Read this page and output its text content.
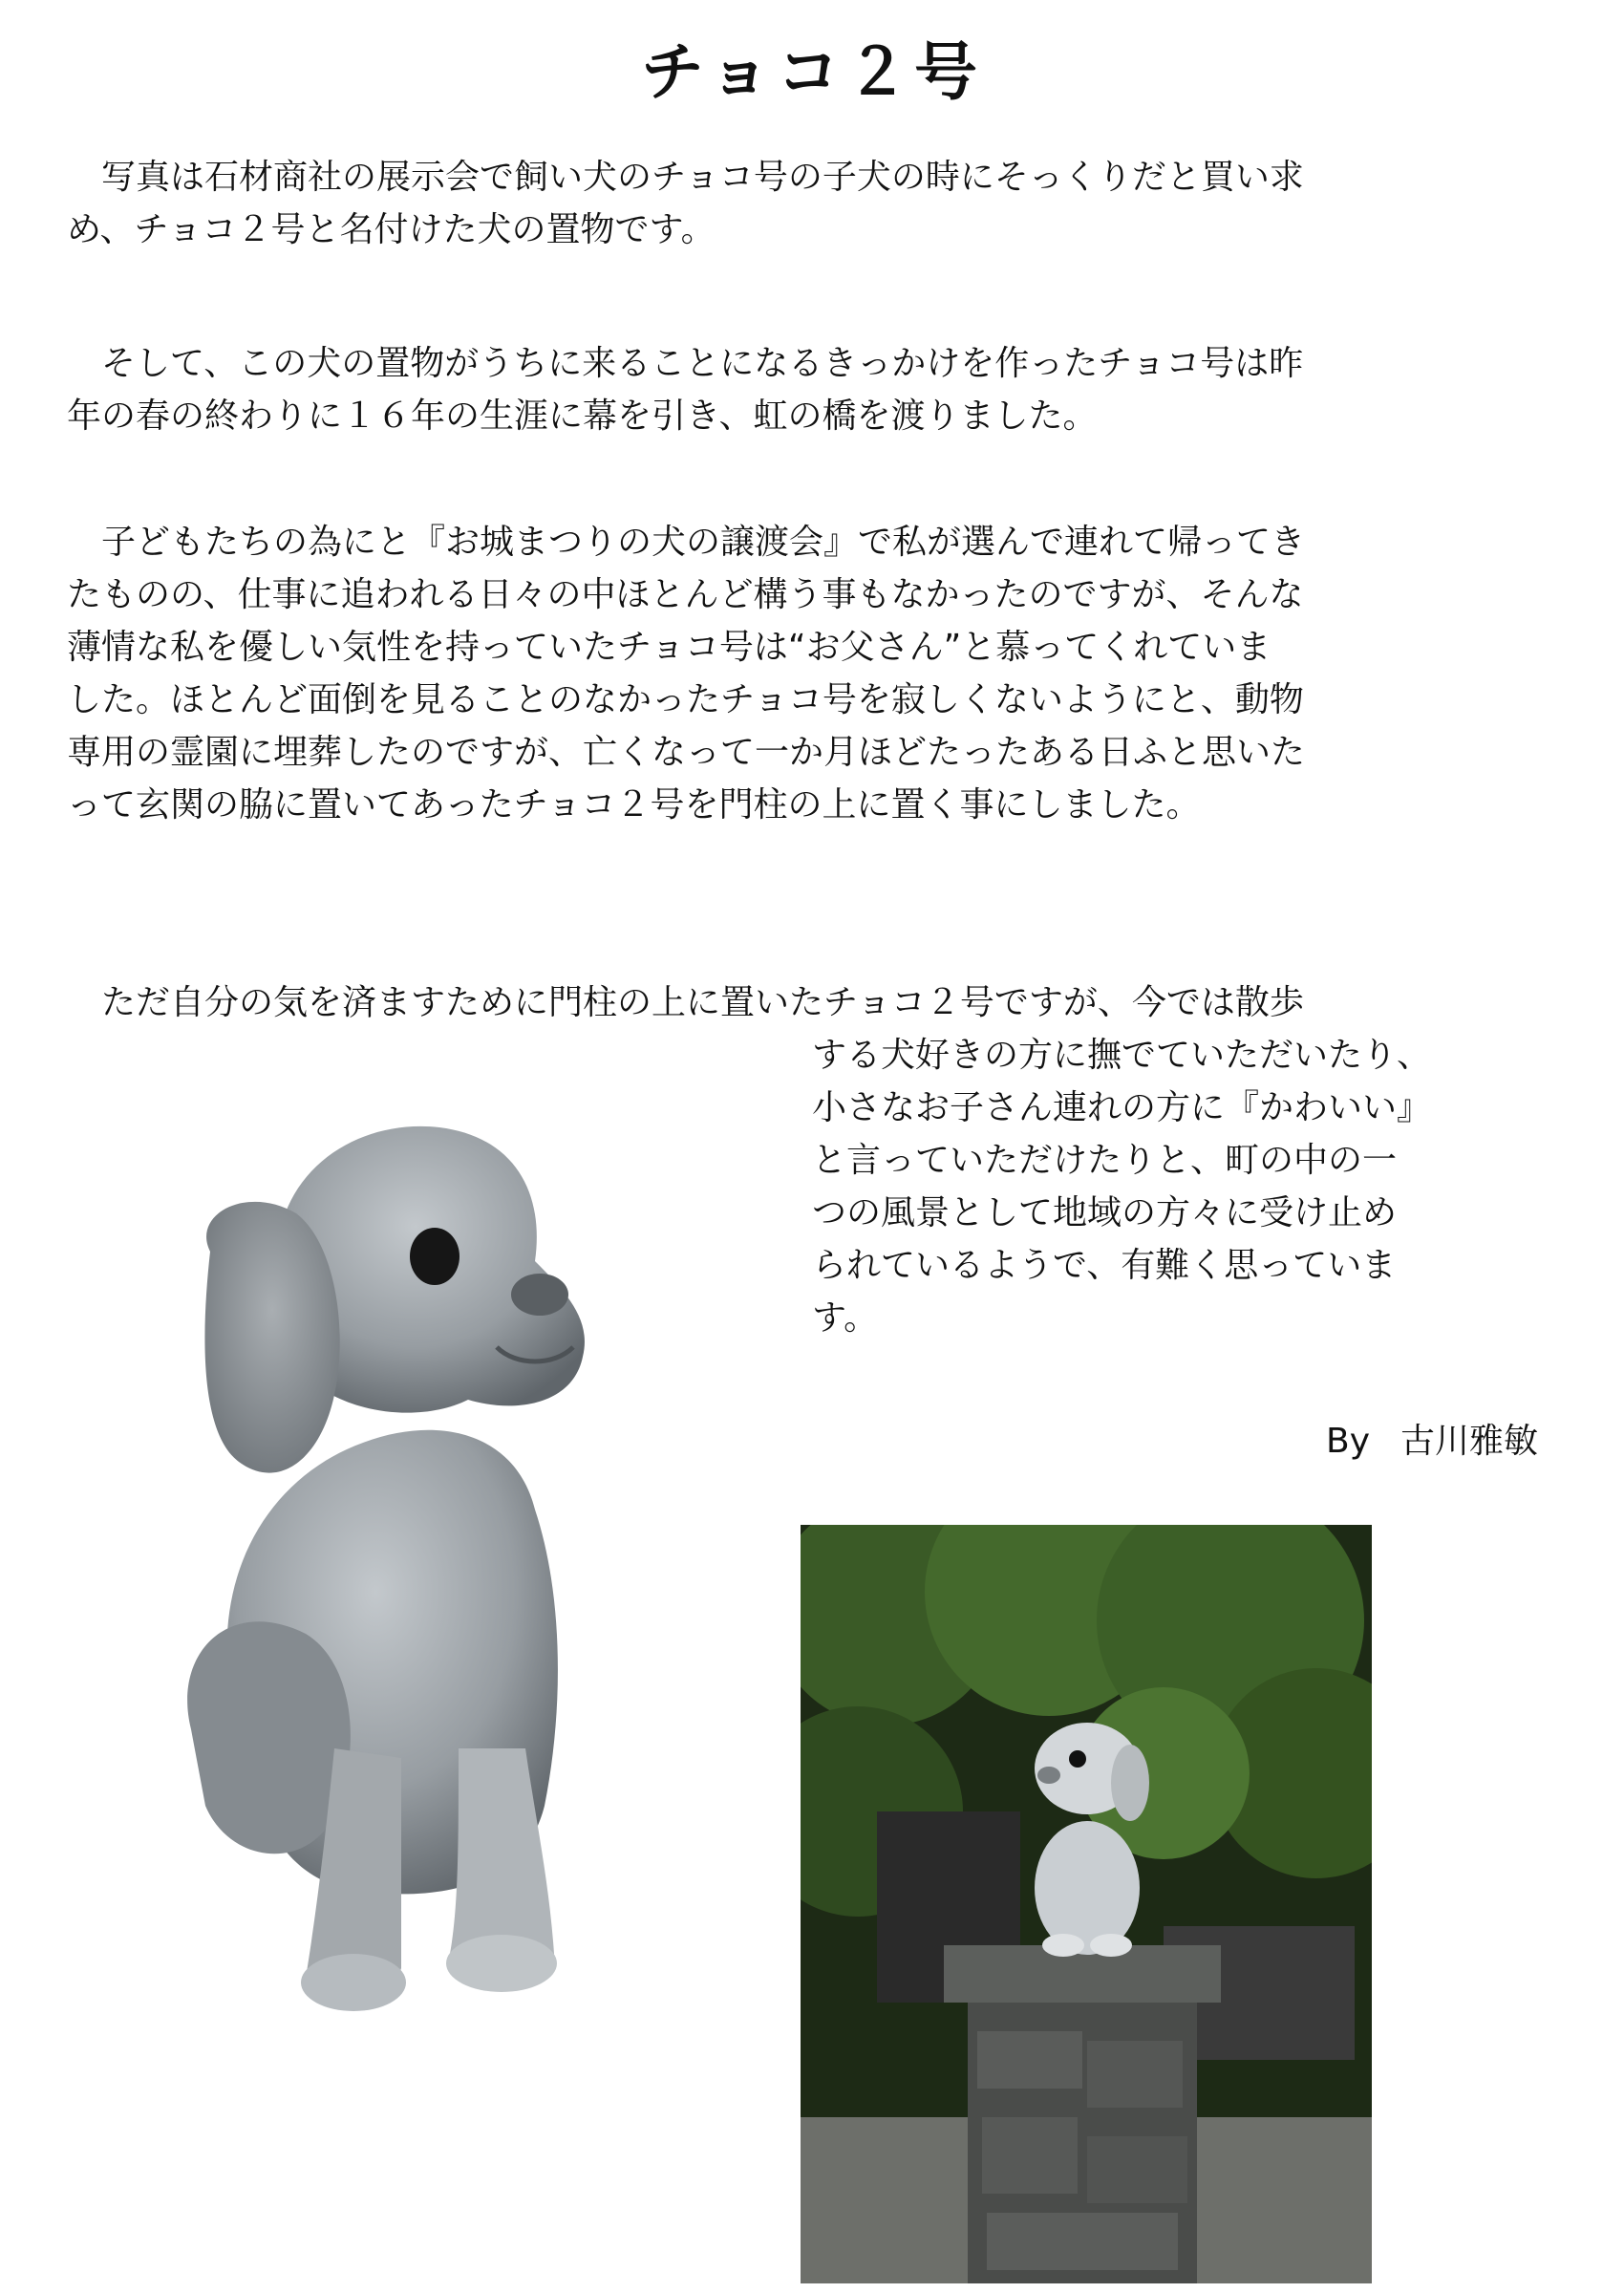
チョコ２号

写真は石材商社の展示会で飼い犬のチョコ号の子犬の時にそっくりだと買い求
め、チョコ２号と名付けた犬の置物です。

そして、この犬の置物がうちに来ることになるきっかけを作ったチョコ号は昨
年の春の終わりに１６年の生涯に幕を引き、虹の橋を渡りました。

子どもたちの為にと『お城まつりの犬の譲渡会』で私が選んで連れて帰ってき
たものの、仕事に追われる日々の中ほとんど構う事もなかったのですが、そんな
薄情な私を優しい気性を持っていたチョコ号は“お父さん”と慕ってくれていま
した。ほとんど面倒を見ることのなかったチョコ号を寂しくないようにと、動物
専用の霊園に埋葬したのですが、亡くなって一か月ほどたったある日ふと思いた
って玄関の脇に置いてあったチョコ２号を門柱の上に置く事にしました。

ただ自分の気を済ますために門柱の上に置いたチョコ２号ですが、今では散歩
する犬好きの方に撫でていただいたり、
小さなお子さん連れの方に『かわいい』
と言っていただけたりと、町の中の一
つの風景として地域の方々に受け止め
られているようで、有難く思っていま
す。

By 古川雅敏
